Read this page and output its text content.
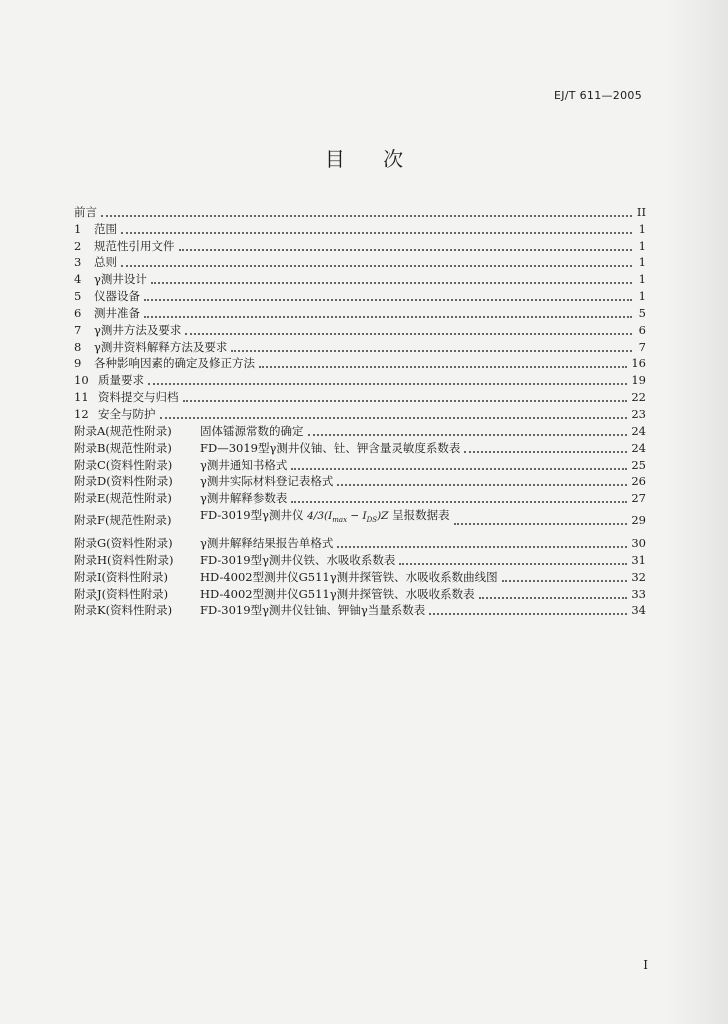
EJ/T 611—2005
目 次
前言	II
1	范围	1
2	规范性引用文件	1
3	总则	1
4	γ测井设计	1
5	仪器设备	1
6	测井准备	5
7	γ测井方法及要求	6
8	γ测井资料解释方法及要求	7
9	各种影响因素的确定及修正方法	16
10 质量要求	19
11 资料提交与归档	22
12 安全与防护	23
附录A(规范性附录)	固体镭源常数的确定	24
附录B(规范性附录)	FD—3019型γ测井仪铀、钍、钾含量灵敏度系数表	24
附录C(资料性附录)	γ测井通知书格式	25
附录D(资料性附录)	γ测井实际材料登记表格式	26
附录E(规范性附录)	γ测井解释参数表	27
附录F(规范性附录)	FD-3019型γ测井仪 $4/3(I_{max} - I_{DS})Z$ 呈报数据表	29
附录G(资料性附录)	γ测井解释结果报告单格式	30
附录H(资料性附录)	FD-3019型γ测井仪铁、水吸收系数表	31
附录I(资料性附录)	HD-4002型测井仪G511γ测井探管铁、水吸收系数曲线图	32
附录J(资料性附录)	HD-4002型测井仪G511γ测井探管铁、水吸收系数表	33
附录K(资料性附录)	FD-3019型γ测井仪钍铀、钾铀γ当量系数表	34
I
